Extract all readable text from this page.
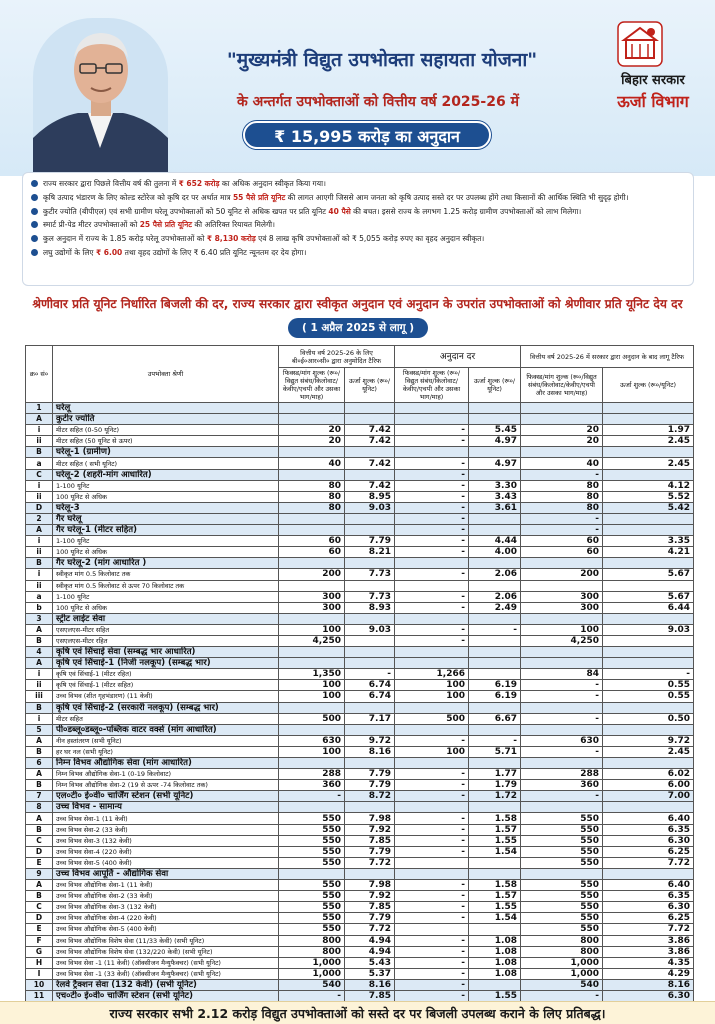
"मुख्यमंत्री विद्युत उपभोक्ता सहायता योजना"
के अन्तर्गत उपभोक्ताओं को वित्तीय वर्ष 2025-26 में
₹ 15,995 करोड़ का अनुदान
बिहार सरकार
ऊर्जा विभाग
राज्य सरकार द्वारा पिछले वित्तीय वर्ष की तुलना में ₹ 652 करोड़ का अधिक अनुदान स्वीकृत किया गया।
कृषि उत्पाद भंडारण के लिए कोल्ड स्टोरेज को कृषि दर पर अर्थात मात्र 55 पैसे प्रति यूनिट की लागत आएगी जिससे आम जनता को कृषि उत्पाद सस्ते दर पर उपलब्ध होंगे तथा किसानों की आर्थिक स्थिति भी सुदृढ़ होगी।
कुटीर ज्योति (बीपीएल) एवं सभी ग्रामीण घरेलू उपभोक्ताओं को 50 यूनिट से अधिक खपत पर प्रति यूनिट 40 पैसे की बचत। इससे राज्य के लगभग 1.25 करोड़ ग्रामीण उपभोक्ताओं को लाभ मिलेगा।
स्मार्ट प्री-पेड मीटर उपभोक्ताओं को 25 पैसे प्रति यूनिट की अतिरिक्त रियायत मिलेगी।
कुल अनुदान में राज्य के 1.85 करोड़ घरेलू उपभोक्ताओं को ₹ 8,130 करोड़ एवं 8 लाख कृषि उपभोक्ताओं को ₹ 5,055 करोड़ रुपए का वृहद अनुदान स्वीकृत।
लघु उद्योगों के लिए ₹ 6.00 तथा वृहद उद्योगों के लिए ₹ 6.40 प्रति यूनिट न्यूनतम दर देय होगा।
श्रेणीवार प्रति यूनिट निर्धारित बिजली की दर, राज्य सरकार द्वारा स्वीकृत अनुदान एवं अनुदान के उपरांत उपभोक्ताओं को श्रेणीवार प्रति यूनिट देय दर
( 1 अप्रैल 2025 से लागू )
क्र० सं०	उपभोक्ता श्रेणी	वित्तीय वर्ष 2025-26 के लिए बी०ई०आर०सी० द्वारा अनुमोदित टैरिफ		अनुदान दर		वित्तीय वर्ष 2025-26 में सरकार द्वारा अनुदान के बाद लागू टैरिफ	
		फिक्स्ड/मांग शुल्क (रू०/विद्युत संबंध/किलोवाट/केवीए/एचपी और उसका भाग/माह)	ऊर्जा शुल्क (रू०/यूनिट)	फिक्स्ड/मांग शुल्क (रू०/विद्युत संबंध/किलोवाट/केवीए/एचपी और उसका भाग/माह)	ऊर्जा शुल्क (रू०/यूनिट)	फिक्स्ड/मांग शुल्क (रू०/विद्युत संबंध/किलोवाट/केवीए/एचपी और उसका भाग/माह)	ऊर्जा शुल्क (रू०/यूनिट)
1	घरेलू						
A	कुटीर ज्योति						
i	मीटर सहित (0-50 यूनिट)	20	7.42	-	5.45	20	1.97
ii	मीटर सहित (50 यूनिट से ऊपर)	20	7.42	-	4.97	20	2.45
B	घरेलू-1 (ग्रामीण)						
a	मीटर सहित ( सभी यूनिट)	40	7.42	-	4.97	40	2.45
C	घरेलू-2 (शहरी-मांग आधारित)			-		-	
i	1-100 यूनिट	80	7.42	-	3.30	80	4.12
ii	100 यूनिट से अधिक	80	8.95	-	3.43	80	5.52
D	घरेलू-3	80	9.03	-	3.61	80	5.42
2	गैर घरेलू			-		-	
A	गैर घरेलू-1 (मीटर सहित)			-		-	
i	1-100 यूनिट	60	7.79	-	4.44	60	3.35
ii	100 यूनिट से अधिक	60	8.21	-	4.00	60	4.21
B	गैर घरेलू-2 (मांग आधारित )						
i	स्वीकृत मांग 0.5 किलोवाट तक	200	7.73	-	2.06	200	5.67
ii	स्वीकृत मांग 0.5 किलोवाट से ऊपर 70 किलोवाट तक						
a	1-100 यूनिट	300	7.73	-	2.06	300	5.67
b	100 यूनिट से अधिक	300	8.93	-	2.49	300	6.44
3	स्ट्रीट लाईट सेवा						
A	एसएलएस-मीटर सहित	100	9.03	-	-	100	9.03
B	एसएलएस-मीटर रहित	4,250		-		4,250	
4	कृषि एवं सिंचाई सेवा (सम्बद्ध भार आधारित)						
A	कृषि एवं सिंचाई-1 (निजी नलकूप) (सम्बद्ध भार)						
i	कृषि एवं सिंचाई-1 (मीटर रहित)	1,350	-	1,266		84	-
ii	कृषि एवं सिंचाई-1 (मीटर सहित)	100	6.74	100	6.19	-	0.55
iii	उच्च विभव (शीत गृहभंडारण) (11 केवी)	100	6.74	100	6.19	-	0.55
B	कृषि एवं सिंचाई-2 (सरकारी नलकूप) (सम्बद्ध भार)						
i	मीटर सहित	500	7.17	500	6.67	-	0.50
5	पी०डब्लू०डब्लू०-पब्लिक वाटर वर्क्स (मांग आधारित)						
A	नीन हस्तांतरण (सभी यूनिट)	630	9.72	-	-	630	9.72
B	हर घर नल (सभी यूनिट)	100	8.16	100	5.71	-	2.45
6	निम्न विभव औद्योगिक सेवा (मांग आधारित)						
A	निम्न विभव औद्योगिक सेवा-1 (0-19 किलोवाट)	288	7.79	-	1.77	288	6.02
B	निम्न विभव औद्योगिक सेवा-2 (19 से ऊपर -74 किलोवाट तक)	360	7.79	-	1.79	360	6.00
7	एल०टी० ई०वी० चार्जिंग स्टेशन (सभी यूनिट)	-	8.72	-	1.72	-	7.00
8	उच्च विभव - सामान्य						
A	उच्च विभव सेवा-1 (11 केवी)	550	7.98	-	1.58	550	6.40
B	उच्च विभव सेवा-2 (33 केवी)	550	7.92	-	1.57	550	6.35
C	उच्च विभव सेवा-3 (132 केवी)	550	7.85	-	1.55	550	6.30
D	उच्च विभव सेवा-4 (220 केवी)	550	7.79	-	1.54	550	6.25
E	उच्च विभव सेवा-5 (400 केवी)	550	7.72			550	7.72
9	उच्च विभव आपूर्ति - औद्योगिक सेवा						
A	उच्च विभव औद्योगिक सेवा-1 (11 केवी)	550	7.98	-	1.58	550	6.40
B	उच्च विभव औद्योगिक सेवा-2 (33 केवी)	550	7.92	-	1.57	550	6.35
C	उच्च विभव औद्योगिक सेवा-3 (132 केवी)	550	7.85	-	1.55	550	6.30
D	उच्च विभव औद्योगिक सेवा-4 (220 केवी)	550	7.79	-	1.54	550	6.25
E	उच्च विभव औद्योगिक सेवा-5 (400 केवी)	550	7.72			550	7.72
F	उच्च विभव औद्योगिक विशेष सेवा (11/33 केवी) (सभी यूनिट)	800	4.94	-	1.08	800	3.86
G	उच्च विभव औद्योगिक विशेष सेवा (132/220 केवी) (सभी यूनिट)	800	4.94	-	1.08	800	3.86
H	उच्च विभव सेवा -1 (11 केवी) (ऑक्सीजन मैन्युफैक्चर) (सभी यूनिट)	1,000	5.43	-	1.08	1,000	4.35
I	उच्च विभव सेवा -1 (33 केवी) (ऑक्सीजन मैन्युफैक्चर) (सभी यूनिट)	1,000	5.37	-	1.08	1,000	4.29
10	रेलवे ट्रैक्शन सेवा (132 केवी) (सभी यूनिट)	540	8.16	-		540	8.16
11	एच०टी० ई०वी० चार्जिंग स्टेशन (सभी यूनिट)	-	7.85	-	1.55	-	6.30
राज्य सरकार सभी 2.12 करोड़ विद्युत उपभोक्ताओं को सस्ते दर पर बिजली उपलब्ध कराने के लिए प्रतिबद्ध।
